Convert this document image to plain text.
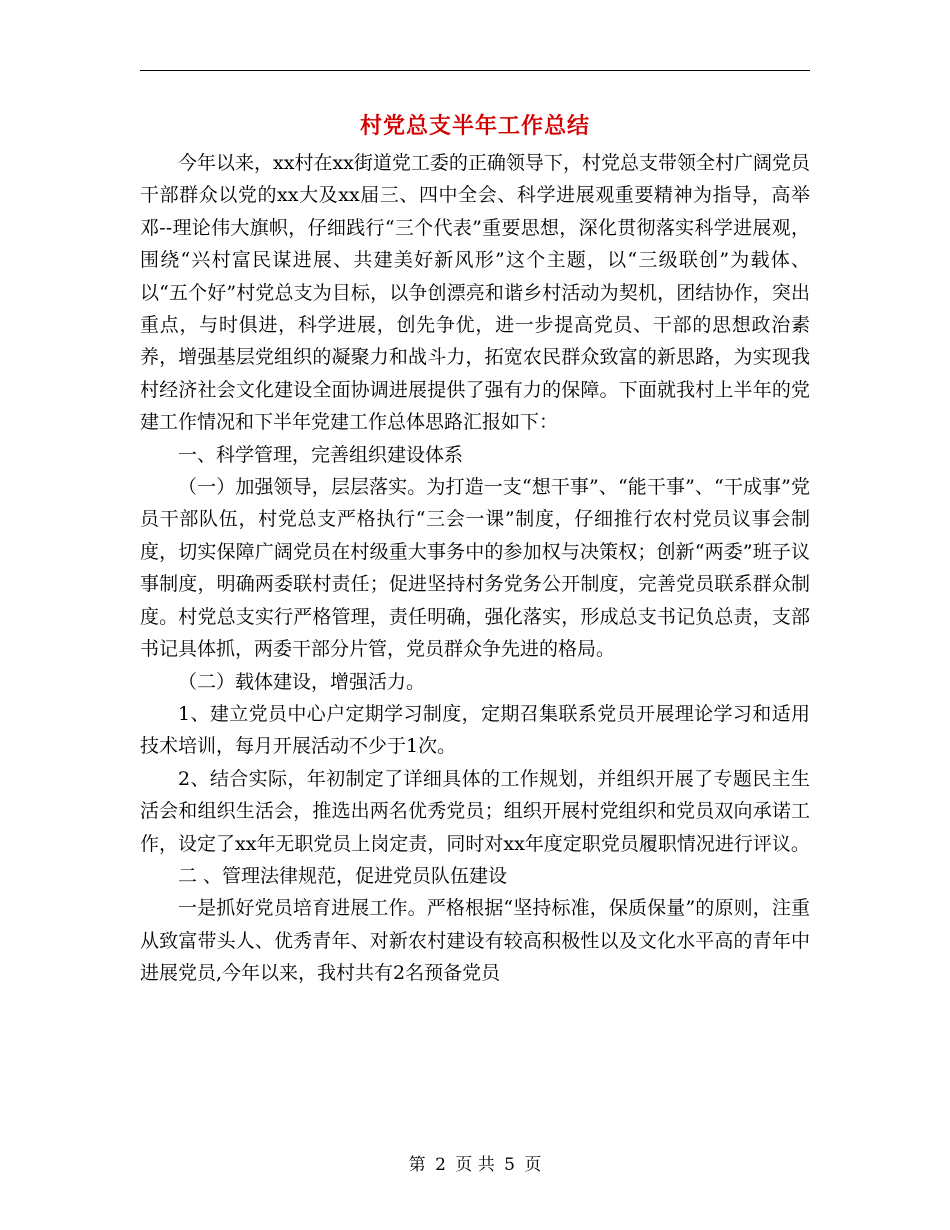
村党总支半年工作总结

今年以来，xx村在xx街道党工委的正确领导下，村党总支带领全村广阔党员干部群众以党的xx大及xx届三、四中全会、科学进展观重要精神为指导，高举邓--理论伟大旗帜，仔细践行“三个代表”重要思想，深化贯彻落实科学进展观，围绕“兴村富民谋进展、共建美好新风形”这个主题，以“三级联创”为载体、以“五个好”村党总支为目标，以争创漂亮和谐乡村活动为契机，团结协作，突出重点，与时俱进，科学进展，创先争优，进一步提高党员、干部的思想政治素养，增强基层党组织的凝聚力和战斗力，拓宽农民群众致富的新思路，为实现我村经济社会文化建设全面协调进展提供了强有力的保障。下面就我村上半年的党建工作情况和下半年党建工作总体思路汇报如下：

一、科学管理，完善组织建设体系

（一）加强领导，层层落实。为打造一支“想干事”、“能干事”、“干成事”党员干部队伍，村党总支严格执行“三会一课”制度，仔细推行农村党员议事会制度，切实保障广阔党员在村级重大事务中的参加权与决策权；创新“两委”班子议事制度，明确两委联村责任；促进坚持村务党务公开制度，完善党员联系群众制度。村党总支实行严格管理，责任明确，强化落实，形成总支书记负总责，支部书记具体抓，两委干部分片管，党员群众争先进的格局。

（二）载体建设，增强活力。

1、建立党员中心户定期学习制度，定期召集联系党员开展理论学习和适用技术培训，每月开展活动不少于1次。

2、结合实际，年初制定了详细具体的工作规划，并组织开展了专题民主生活会和组织生活会，推选出两名优秀党员；组织开展村党组织和党员双向承诺工作，设定了xx年无职党员上岗定责，同时对xx年度定职党员履职情况进行评议。

二 、管理法律规范，促进党员队伍建设

一是抓好党员培育进展工作。严格根据“坚持标准，保质保量”的原则，注重从致富带头人、优秀青年、对新农村建设有较高积极性以及文化水平高的青年中进展党员,今年以来，我村共有2名预备党员

第 2 页 共 5 页
